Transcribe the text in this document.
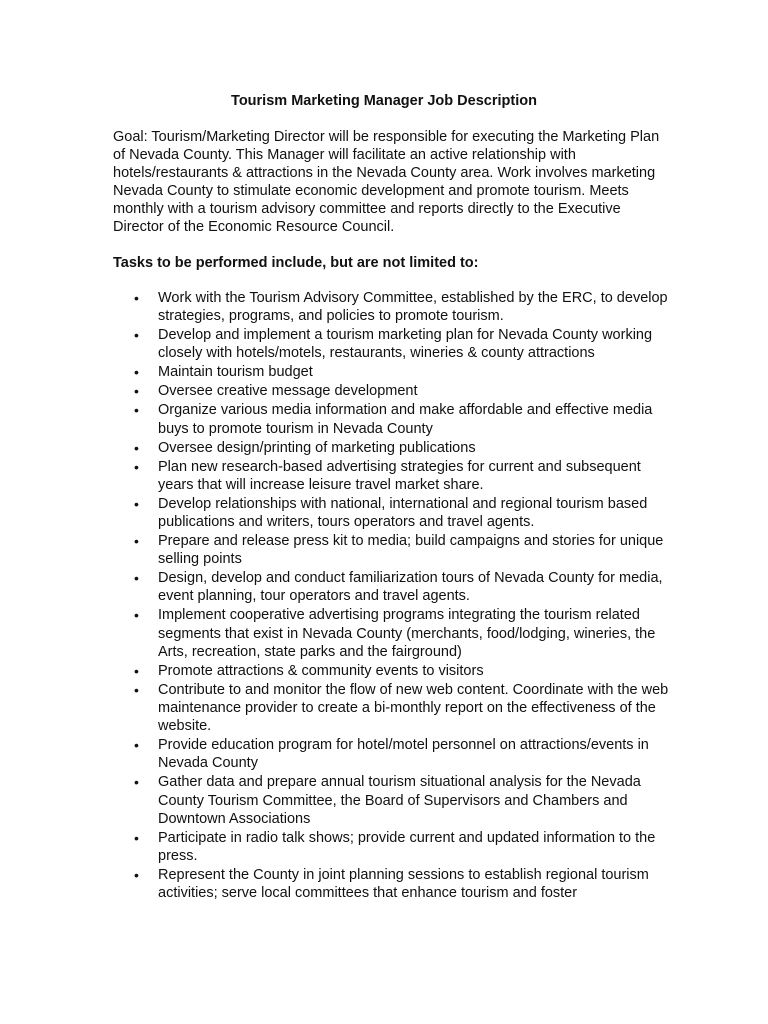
Tourism Marketing Manager Job Description

Goal: Tourism/Marketing Director will be responsible for executing the Marketing Plan of Nevada County. This Manager will facilitate an active relationship with hotels/restaurants & attractions in the Nevada County area. Work involves marketing Nevada County to stimulate economic development and promote tourism. Meets monthly with a tourism advisory committee and reports directly to the Executive Director of the Economic Resource Council.

Tasks to be performed include, but are not limited to:

• Work with the Tourism Advisory Committee, established by the ERC, to develop strategies, programs, and policies to promote tourism.
• Develop and implement a tourism marketing plan for Nevada County working closely with hotels/motels, restaurants, wineries & county attractions
• Maintain tourism budget
• Oversee creative message development
• Organize various media information and make affordable and effective media buys to promote tourism in Nevada County
• Oversee design/printing of marketing publications
• Plan new research-based advertising strategies for current and subsequent years that will increase leisure travel market share.
• Develop relationships with national, international and regional tourism based publications and writers, tours operators and travel agents.
• Prepare and release press kit to media; build campaigns and stories for unique selling points
• Design, develop and conduct familiarization tours of Nevada County for media, event planning, tour operators and travel agents.
• Implement cooperative advertising programs integrating the tourism related segments that exist in Nevada County (merchants, food/lodging, wineries, the Arts, recreation, state parks and the fairground)
• Promote attractions & community events to visitors
• Contribute to and monitor the flow of new web content. Coordinate with the web maintenance provider to create a bi-monthly report on the effectiveness of the website.
• Provide education program for hotel/motel personnel on attractions/events in Nevada County
• Gather data and prepare annual tourism situational analysis for the Nevada County Tourism Committee, the Board of Supervisors and Chambers and Downtown Associations
• Participate in radio talk shows; provide current and updated information to the press.
• Represent the County in joint planning sessions to establish regional tourism activities; serve local committees that enhance tourism and foster
